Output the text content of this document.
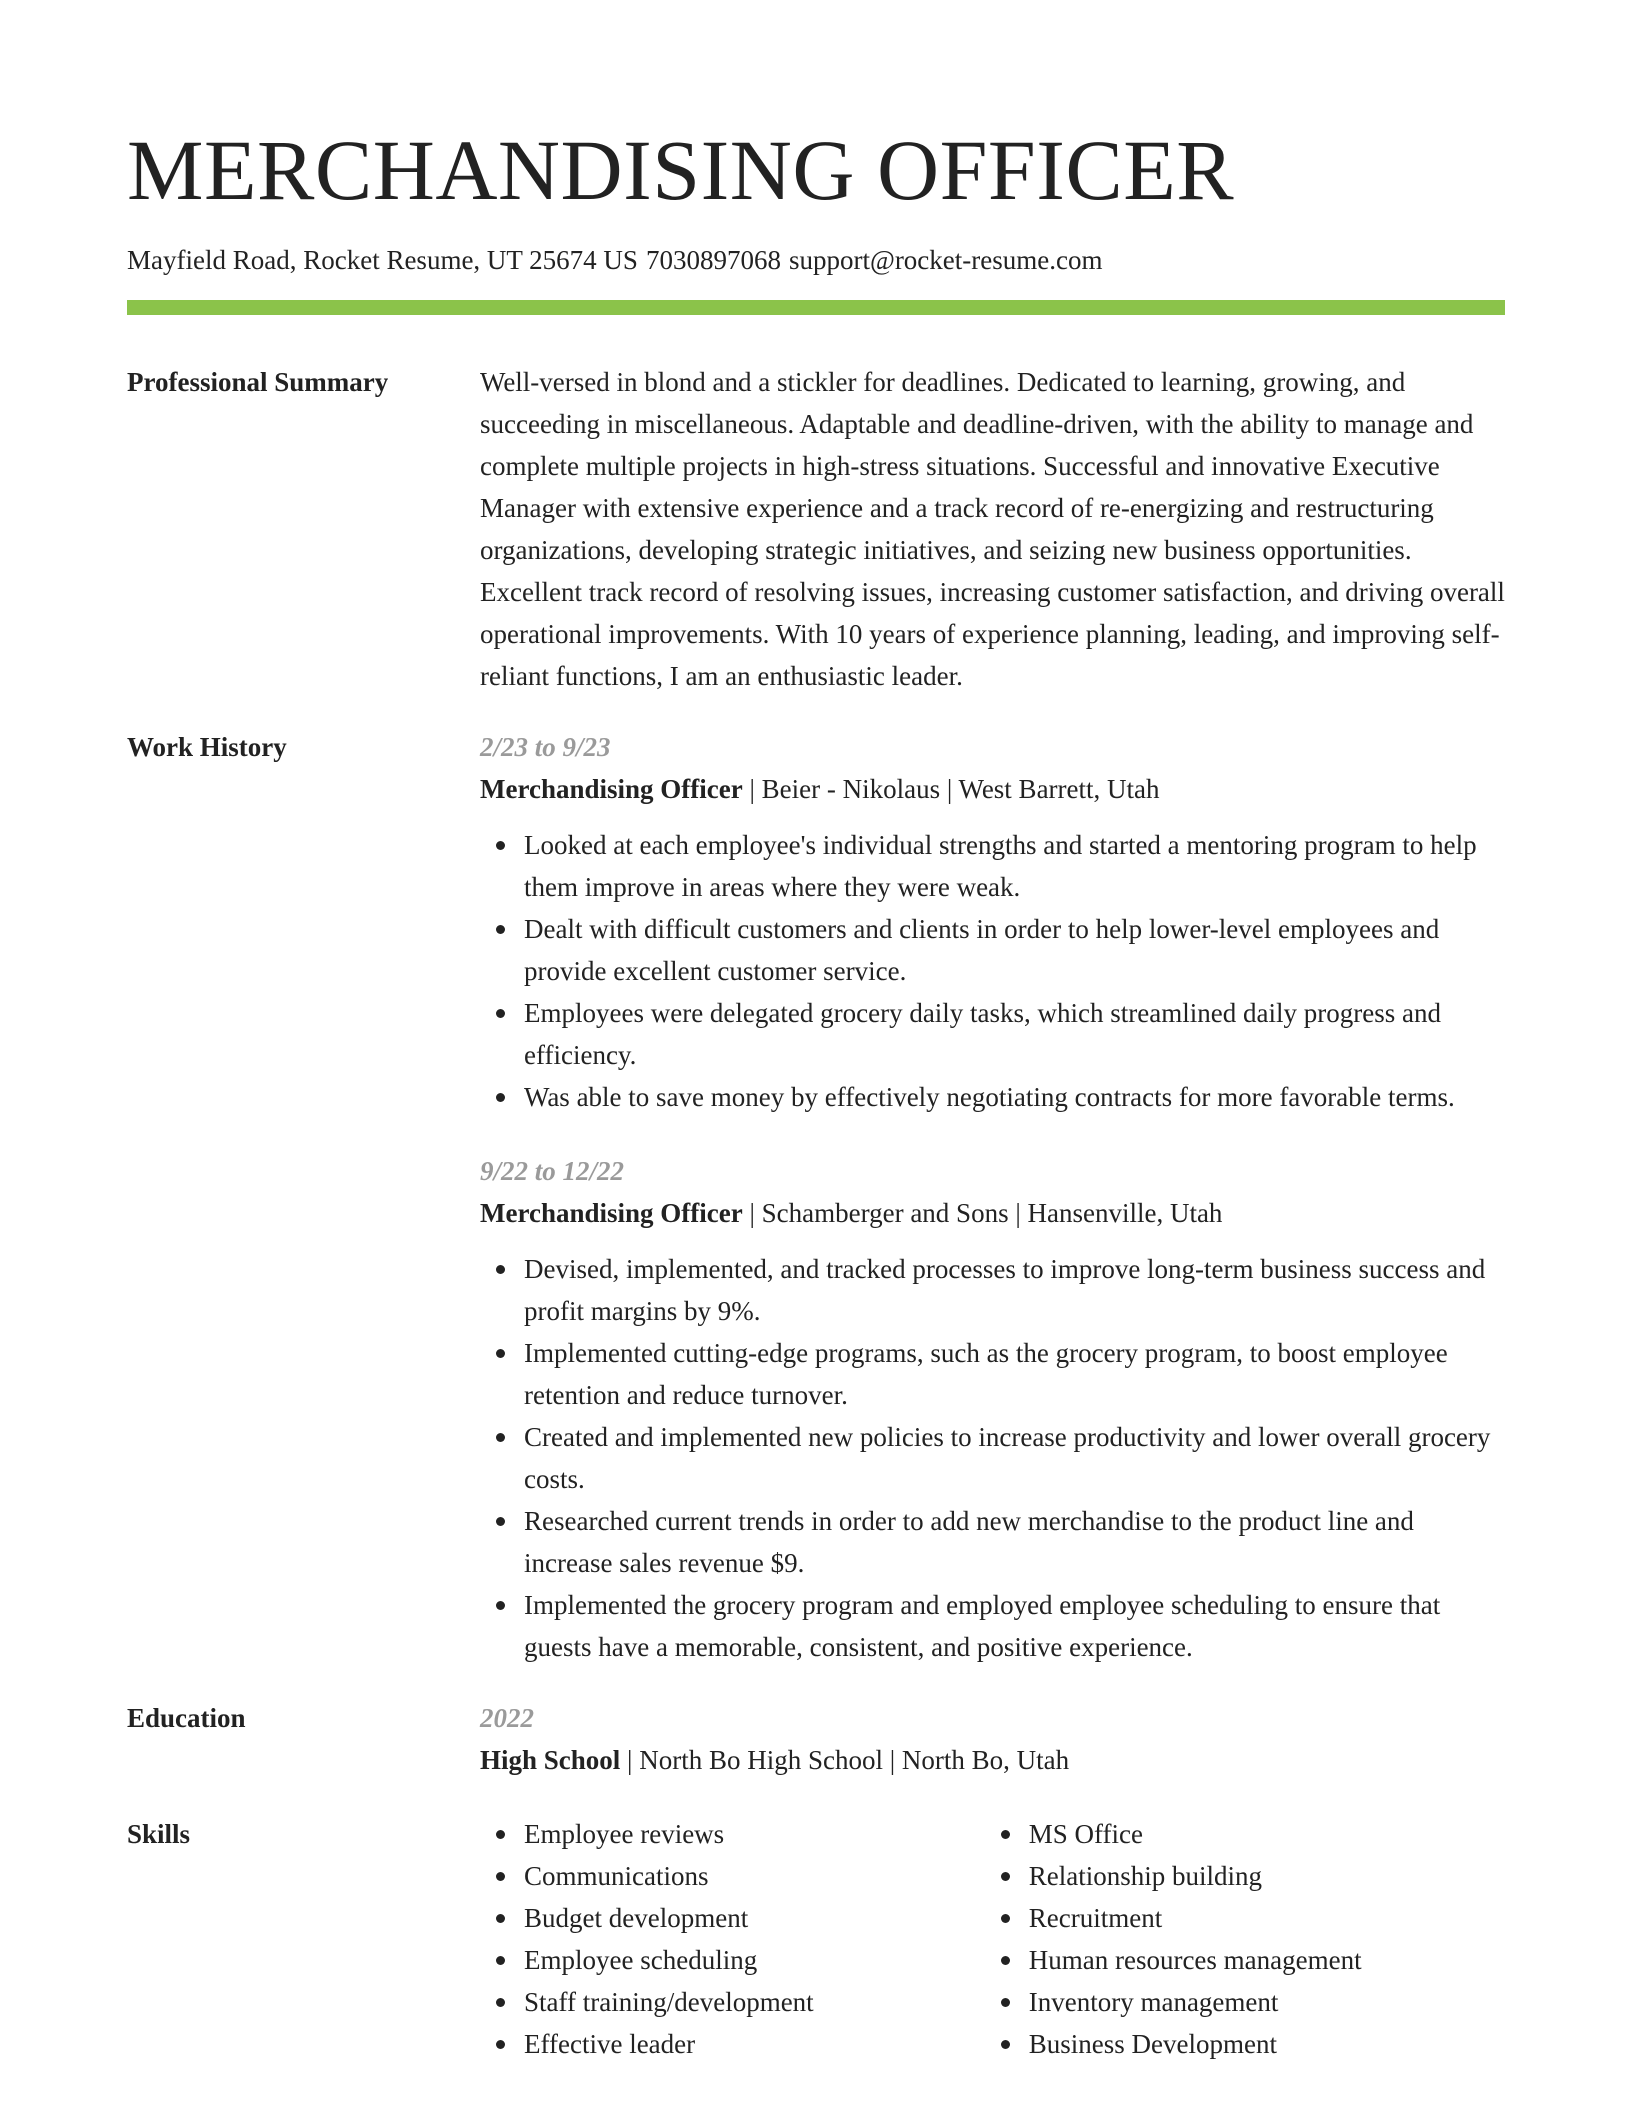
MERCHANDISING OFFICER
Mayfield Road, Rocket Resume, UT 25674 US 7030897068 support@rocket-resume.com
Professional Summary	Well-versed in blond and a stickler for deadlines. Dedicated to learning, growing, and succeeding in miscellaneous. Adaptable and deadline-driven, with the ability to manage and complete multiple projects in high-stress situations. Successful and innovative Executive Manager with extensive experience and a track record of re-energizing and restructuring organizations, developing strategic initiatives, and seizing new business opportunities. Excellent track record of resolving issues, increasing customer satisfaction, and driving overall operational improvements. With 10 years of experience planning, leading, and improving self-reliant functions, I am an enthusiastic leader.

Work History	2/23 to 9/23
Merchandising Officer | Beier - Nikolaus | West Barrett, Utah
Looked at each employee's individual strengths and started a mentoring program to help them improve in areas where they were weak.
Dealt with difficult customers and clients in order to help lower-level employees and provide excellent customer service.
Employees were delegated grocery daily tasks, which streamlined daily progress and efficiency.
Was able to save money by effectively negotiating contracts for more favorable terms.
9/22 to 12/22
Merchandising Officer | Schamberger and Sons | Hansenville, Utah
Devised, implemented, and tracked processes to improve long-term business success and profit margins by 9%.
Implemented cutting-edge programs, such as the grocery program, to boost employee retention and reduce turnover.
Created and implemented new policies to increase productivity and lower overall grocery costs.
Researched current trends in order to add new merchandise to the product line and increase sales revenue $9.
Implemented the grocery program and employed employee scheduling to ensure that guests have a memorable, consistent, and positive experience.
Education	2022
High School | North Bo High School | North Bo, Utah
Skills	Employee reviews
Communications
Budget development
Employee scheduling
Staff training/development
Effective leader
MS Office
Relationship building
Recruitment
Human resources management
Inventory management
Business Development
